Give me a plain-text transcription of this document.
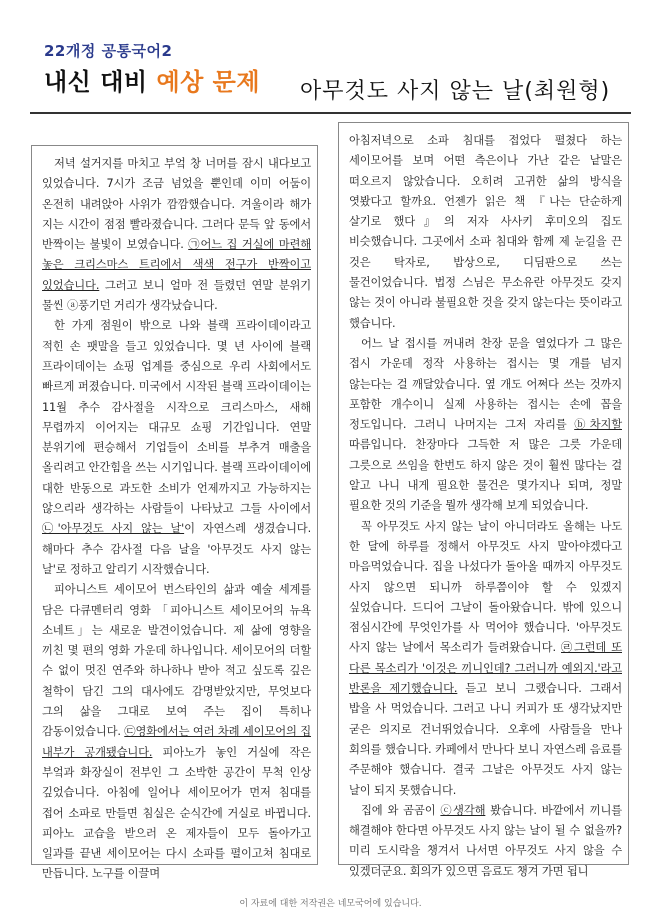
22개정 공통국어2
내신 대비 예상 문제 아무것도 사지 않는 날(최원형)

저녁 설거지를 마치고 부엌 창 너머를 잠시 내다보고 있었습니다. 7시가 조금 넘었을 뿐인데 이미 어둠이 온전히 내려앉아 사위가 깜깜했습니다. 겨울이라 해가 지는 시간이 점점 빨라졌습니다. 그러다 문득 앞 동에서 반짝이는 불빛이 보였습니다. ㉠어느 집 거실에 마련해 놓은 크리스마스 트리에서 색색 전구가 반짝이고 있었습니다. 그러고 보니 얼마 전 들렸던 연말 분위기 물씬 ⓐ풍기던 거리가 생각났습니다.

한 가게 점원이 밖으로 나와 블랙 프라이데이라고 적힌 손 팻말을 들고 있었습니다. 몇 년 사이에 블랙 프라이데이는 쇼핑 업계를 중심으로 우리 사회에서도 빠르게 퍼졌습니다. 미국에서 시작된 블랙 프라이데이는 11월 추수 감사절을 시작으로 크리스마스, 새해 무렵까지 이어지는 대규모 쇼핑 기간입니다. 연말 분위기에 편승해서 기업들이 소비를 부추겨 매출을 올리려고 안간힘을 쓰는 시기입니다. 블랙 프라이데이에 대한 반동으로 과도한 소비가 언제까지고 가능하지는 않으리라 생각하는 사람들이 나타났고 그들 사이에서 ㉡'아무것도 사지 않는 날'이 자연스레 생겼습니다. 해마다 추수 감사절 다음 날을 '아무것도 사지 않는 날'로 정하고 알리기 시작했습니다.

피아니스트 세이모어 번스타인의 삶과 예술 세계를 담은 다큐멘터리 영화 「피아니스트 세이모어의 뉴욕 소네트」는 새로운 발견이었습니다. 제 삶에 영향을 끼친 몇 편의 영화 가운데 하나입니다. 세이모어의 더할 수 없이 멋진 연주와 하나하나 받아 적고 싶도록 깊은 철학이 담긴 그의 대사에도 감명받았지만, 무엇보다 그의 삶을 그대로 보여 주는 집이 특히나 감동이었습니다. ㉢영화에서는 여러 차례 세이모어의 집 내부가 공개됐습니다. 피아노가 놓인 거실에 작은 부엌과 화장실이 전부인 그 소박한 공간이 무척 인상 깊었습니다. 아침에 일어나 세이모어가 먼저 침대를 접어 소파로 만들면 침실은 순식간에 거실로 바뀝니다. 피아노 교습을 받으러 온 제자들이 모두 돌아가고 일과를 끝낸 세이모어는 다시 소파를 펼이고쳐 침대로 만듭니다. 노구를 이끌며

아침저녁으로 소파 침대를 접었다 펼쳤다 하는 세이모어를 보며 어떤 측은이나 가난 같은 낱말은 떠오르지 않았습니다. 오히려 고귀한 삶의 방식을 엿봤다고 할까요. 언젠가 읽은 책 『나는 단순하게 살기로 했다』의 저자 사사키 후미오의 집도 비슷했습니다. 그곳에서 소파 침대와 함께 제 눈길을 끈 것은 탁자로, 밥상으로, 디딤판으로 쓰는 물건이었습니다. 법정 스님은 무소유란 아무것도 갖지 않는 것이 아니라 불필요한 것을 갖지 않는다는 뜻이라고 했습니다.

어느 날 접시를 꺼내려 찬장 문을 열었다가 그 많은 접시 가운데 정작 사용하는 접시는 몇 개를 넘지 않는다는 걸 깨달았습니다. 옆 개도 어쩌다 쓰는 것까지 포함한 개수이니 실제 사용하는 접시는 손에 꼽을 정도입니다. 그러니 나머지는 그저 자리를 ⓑ차지할 따름입니다. 찬장마다 그득한 저 많은 그릇 가운데 그릇으로 쓰임을 한번도 하지 않은 것이 훨씬 많다는 걸 알고 나니 내게 필요한 물건은 몇가지나 되며, 정말 필요한 것의 기준을 뭘까 생각해 보게 되었습니다.

꼭 아무것도 사지 않는 날이 아니더라도 올해는 나도 한 달에 하루를 정해서 아무것도 사지 말아야겠다고 마음먹었습니다. 집을 나섰다가 돌아올 때까지 아무것도 사지 않으면 되니까 하루쯤이야 할 수 있겠지 싶었습니다. 드디어 그날이 돌아왔습니다. 밖에 있으니 점심시간에 무엇인가를 사 먹어야 했습니다. '아무것도 사지 않는 날에서 목소리가 들려왔습니다. ㉣그런데 또 다른 목소리가 '이것은 끼니인데? 그러니까 예외지.'라고 반론을 제기했습니다. 듣고 보니 그랬습니다. 그래서 밥을 사 먹었습니다. 그러고 나니 커피가 또 생각났지만 굳은 의지로 건너뛰었습니다. 오후에 사람들을 만나 회의를 했습니다. 카페에서 만나다 보니 자연스레 음료를 주문해야 했습니다. 결국 그날은 아무것도 사지 않는 날이 되지 못했습니다.

집에 와 곰곰이 ⓒ생각해 봤습니다. 바깥에서 끼니를 해결해야 한다면 아무것도 사지 않는 날이 될 수 없을까? 미리 도시락을 챙겨서 나서면 아무것도 사지 않을 수 있겠더군요. 회의가 있으면 음료도 챙겨 가면 됩니

이 자료에 대한 저작권은 네모국어에 있습니다.
